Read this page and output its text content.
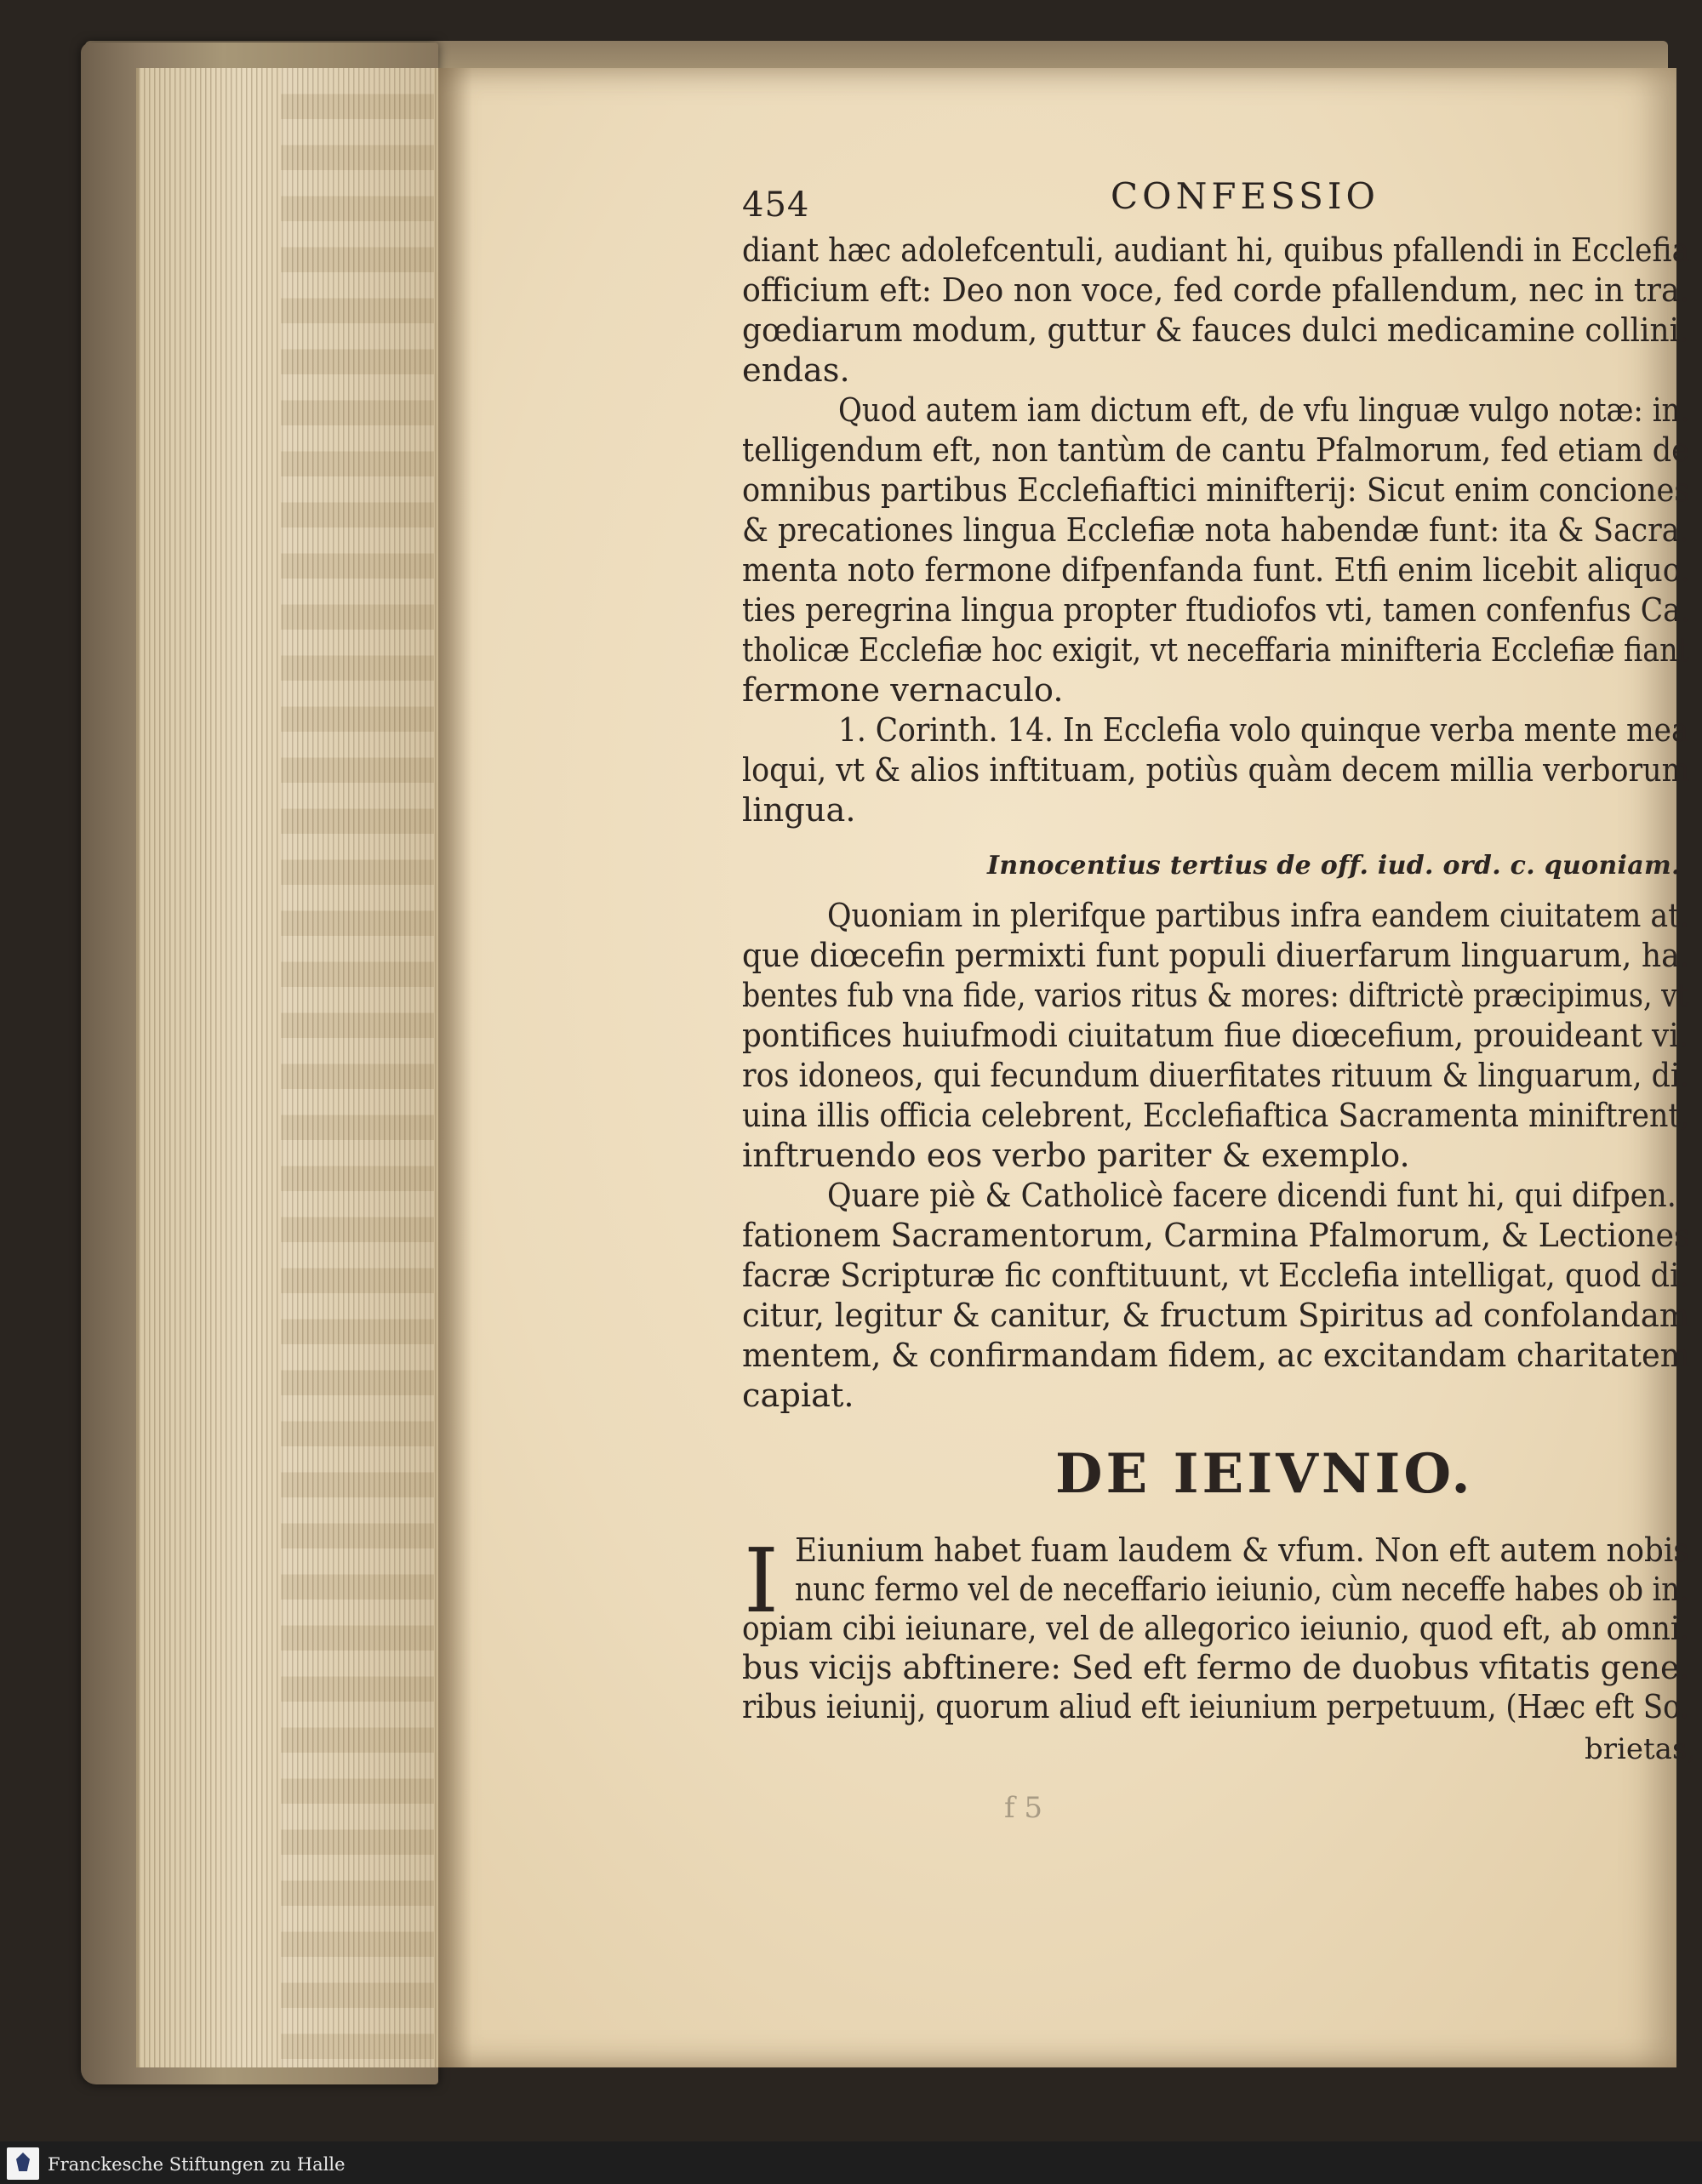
454	CONFESSIO
diant hæc adolefcentuli, audiant hi, quibus pfallendi in Ecclefia
officium eft: Deo non voce, fed corde pfallendum, nec in tra.
gœdiarum modum, guttur & fauces dulci medicamine collini.
endas.
Quod autem iam dictum eft, de vfu linguæ vulgo notæ: in.
telligendum eft, non tantùm de cantu Pfalmorum, fed etiam de
omnibus partibus Ecclefiaftici minifterij: Sicut enim conciones
& precationes lingua Ecclefiæ nota habendæ funt: ita & Sacra.
menta noto fermone difpenfanda funt. Etfi enim licebit aliquo.
ties peregrina lingua propter ftudiofos vti, tamen confenfus Ca.
tholicæ Ecclefiæ hoc exigit, vt neceffaria minifteria Ecclefiæ fiant
fermone vernaculo.
1. Corinth. 14. In Ecclefia volo quinque verba mente mea
loqui, vt & alios inftituam, potiùs quàm decem millia verborum
lingua.
Innocentius tertius de off. iud. ord. c. quoniam.
Quoniam in plerifque partibus infra eandem ciuitatem at.
que diœcefin permixti funt populi diuerfarum linguarum, ha.
bentes fub vna fide, varios ritus & mores: diftrictè præcipimus, vt
pontifices huiufmodi ciuitatum fiue diœcefium, prouideant vi.
ros idoneos, qui fecundum diuerfitates rituum & linguarum, di.
uina illis officia celebrent, Ecclefiaftica Sacramenta miniftrent,
inftruendo eos verbo pariter & exemplo.
Quare piè & Catholicè facere dicendi funt hi, qui difpen.
fationem Sacramentorum, Carmina Pfalmorum, & Lectiones
facræ Scripturæ fic conftituunt, vt Ecclefia intelligat, quod di.
citur, legitur & canitur, & fructum Spiritus ad confolandam
mentem, & confirmandam fidem, ac excitandam charitatem
capiat.
DE IEIVNIO.
I Eiunium habet fuam laudem & vfum. Non eft autem nobis
nunc fermo vel de neceffario ieiunio, cùm neceffe habes ob in.
opiam cibi ieiunare, vel de allegorico ieiunio, quod eft, ab omni.
bus vicijs abftinere: Sed eft fermo de duobus vfitatis gene.
ribus ieiunij, quorum aliud eft ieiunium perpetuum, (Hæc eft So.
brietas,
f 5
Franckesche Stiftungen zu Halle
